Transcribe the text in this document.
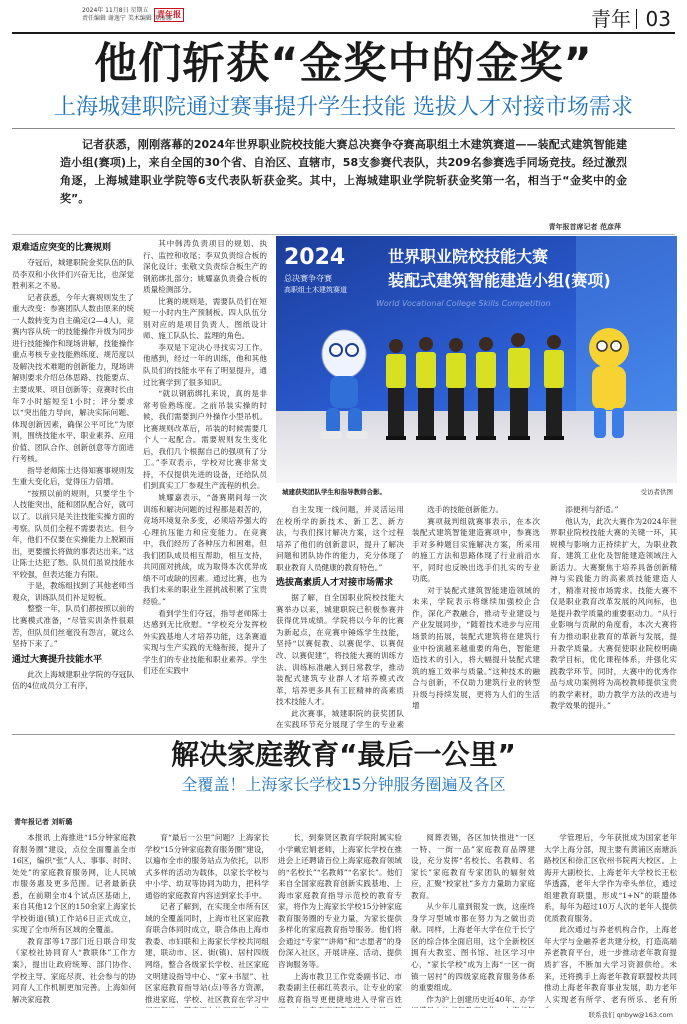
2024年 11月8日 星期五
责任编辑 谢逸宁 美术编辑 谭丽娜
青年报	青年 03
他们斩获“金奖中的金奖”
上海城建职院通过赛事提升学生技能 选拔人才对接市场需求
记者获悉，刚刚落幕的2024年世界职业院校技能大赛总决赛争夺赛高职组土木建筑赛道——装配式建筑智能建造小组(赛项)上，来自全国的30个省、自治区、直辖市，58支参赛代表队，共209名参赛选手同场竞技。经过激烈角逐，上海城建职业学院等6支代表队斩获金奖。其中，上海城建职业学院斩获金奖第一名，相当于“金奖中的金奖”。
青年报首席记者 范彦萍
艰难适应突变的比赛规则

夺冠后，城建职院金奖队伍的队员李双和小伙伴们兴奋无比，也深觉胜利来之不易。

记者获悉，今年大赛规则发生了重大改变：参赛团队人数由原来的统一人数转变为自主确定(2—4人)，竞赛内容从统一的技能操作升级为同步进行技能操作和现场讲解，技能操作重点考核专业技能熟练度、规范度以及解决技术难题的创新能力，现场讲解则要求介绍总体思路、技能要点、主要成果、项目创新等；竞赛时长由年7小时缩短至1小时；评分要求以“突出能力导向，解决实际问题、体现创新因素，确保公平可比”为原则，围绕技能水平、职业素养、应用价值、团队合作、创新创意等方面进行考核。

指导老师陈士达得知赛事规则发生重大变化后，觉得压力倍增。

“按照以前的规则，只要学生个人技能突出，能和团队配合好，就可以了。以前只是关注技能实操方面的考察。队员们全程不需要表达。但今年，他们不仅要在实操能力上脱颖而出，更要擅长将做的事表达出来。”这让陈士达犯了愁。队员们虽说技能水平较强，但表达能力有限。

于是，教练组找到了其他老师当观众，训练队员们补足短板。

整整一年，队员们都按照以前的比赛模式准备，“尽管实训条件很艰苦，但队员们丝毫没有怨言，就这么坚持下来了。”

通过大赛提升技能水平

此次上海城建职业学院的夺冠队伍的4位成员分工有序，

其中韩涛负责项目的规划、执行、监控和收尾；李双负责综合板的深化设计；张敬文负责综合板生产的钢筋绑扎部分；姚耀嘉负责叠合板的质量检测部分。

比赛的规则是，需要队员们在短短一小时内生产预制板。四人队伍分别对应的是项目负责人、图纸设计师、施工队队长、监理的角色。

李双是下定决心寻找实习工作。他感到，经过一年的训练，他和其他队员们的技能水平有了明显提升，通过比赛学到了很多知识。

“就以钢筋绑扎来说，真的是非常考验熟练度。之前吊装实操的时候，我们需要到户外操作小型吊机。比赛规则改革后，吊装的时候需要几个人一起配合。需要规则发生变化后，我们几个根据自己的强项有了分工。”李双表示，学校对比赛非常支持，不仅提供先进的设备，还给队员们到真实工厂参观生产流程的机会。

姚耀嘉表示，“备赛期间每一次训练和解决问题的过程都是艰苦的，竞场环境复杂多变，必须培养强大的心理抗压能力和应变能力。在竞赛中，我们经历了各种压力和困难，但我们团队成员相互帮助，相互支持，共同面对挑战，成为取得本次优异成绩不可或缺的因素。通过比赛，也为我们未来的职业生涯挑战积累了宝贵经验。”

看到学生们夺冠，指导老师陈士达感到无比欣慰。“学校充分发挥校外实践基地人才培养功能，这条赛道实现与生产实践的无缝衔接，提升了学生们的专业技能和职业素养。学生们还在实践中

2024
总决赛争夺赛
高职组土木建筑赛道
世界职业院校技能大赛
装配式建筑智能建造小组(赛项)
World Vocational College Skills Competition
城建获奖团队学生和指导教师合影。	受访者供图

自主发现一线问题，并灵活运用在校所学的新技术、新工艺、新方法，与我们探讨解决方案，这个过程培养了他们的创新意识，提升了解决问题和团队协作的能力，充分体现了职业教育人员健康的教育特色。”

选拔高素质人才对接市场需求

据了解，自全国职业院校技能大赛举办以来，城建职院已积极参赛并获得优异成绩。学院将以今年的比赛为新起点，在竞赛中锤炼学生技能，坚持“以赛促教、以赛促学、以赛促改、以赛促建”，将技能大赛的训练方法、训练标准融入到日常教学，推动装配式建筑专业群人才培养模式改革，培养更多具有工匠精神的高素质技术技能人才。

此次赛事，城建职院的获奖团队在实践环节充分展现了学生的专业素

选手的技能创新能力。

赛项裁判组就赛事表示，在本次装配式建筑智能建造赛项中，参赛选手对多种题目实施解决方案，所采用的施工方法和思路体现了行业前沿水平，同时也反映出选手们扎实的专业功底。

对于装配式建筑智能建造领域的未来，学院表示将继续加强校企合作，深化产教融合，推动专业建设与产业发展同步，“随着技术进步与应用场景的拓展，装配式建筑将在建筑行业中扮演越来越重要的角色，智能建造技术的引入，将大幅提升装配式建筑的施工效率与质量。”这种技术的融合与创新，不仅助力建筑行业的转型升级与持续发展，更将为人们的生活增

添便利与舒适。”

他认为，此次大赛作为2024年世界职业院校技能大赛的关键一环，其规模与影响力正持续扩大，为职业教育、建筑工业化及智能建造领域注入新活力。大赛聚焦于培养具备创新精神与实践能力的高素质技能建造人才，精准对接市场需求。技能大赛不仅是职业教育改革发展的风向标，也是提升教学质量的重要驱动力。“从行业影响与贡献的角度看，本次大赛将有力推动职业教育的革新与发展，提升教学质量。大赛促使职业院校明确教学目标，优化课程体系，并强化实践教学环节。同时，大赛中的优秀作品与成功案例将为高校教师提供宝贵的教学素材，助力教学方法的改进与教学效果的提升。”

解决家庭教育“最后一公里”
全覆盖！上海家长学校15分钟服务圈遍及各区
青年报记者 刘昕璐

本报讯 上海推进“15分钟家庭教育服务圈”建设，点位全面覆盖全市16区，编织“张”人人、事事、时时、处处”的家庭教育服务网，让人民城市服务惠及更多范围。记者最新获悉，在前期全市4个试点区基础上，来自其他12个区的150余家上海家长学校街道(镇)工作站6日正式成立，实现了全市所有区域的全覆盖。

教育部等17部门近日联合印发《家校社协同育人“教联体”工作方案》，提出让政府统筹、部门协作、学校主导、家庭尽责、社会参与的协同育人工作机制更加完善。上海如何解决家庭教

育“最后一公里”问题？上海家长学校“15分钟家庭教育服务圈”建设，以遍布全市的服务站点为依托，以形式多样的活动为载体，以家长学校与中小学、幼双等协同为助力，把科学通俗的家庭教育内容送到家长手中。

记者了解到，在实现全市所有区域的全覆盖同时，上海市社区家庭教育联合体同时成立，联合体由上海市教委、市妇联和上海家长学校共同组建，联动市、区、街(镇)、居村四级网络，整合各级家长学校、社区家庭文明建设指导中心、“家+书屋”、社区家庭教育指导站(点)等各方资源，推进家庭、学校、社区教育在学习中

长，到秦贤区教育学院附属实验小学戴宏娟老师，上海家长学校在推进会上还聘请百位上海家庭教育领域的“名校长”“名教师”“名家长”。他们来自全国家庭教育创新实践基地、上海市家庭教育指导示范校的教育专家，将作为上海家长学校15分钟家庭教育服务圈的专业力量，为家长提供多样化的家庭教育指导服务。他们将会通过“专家”“讲师”和“志愿者”的身份深入社区，开展讲座、活动、提供咨询服务等。

上海市教卫工作党委副书记、市教委副主任郝红英表示，让专业的家庭教育指导更便捷地进入寻常百姓

阅葬表锡，各区加快推进“一区一特、一街一品”家庭教育品牌建设，充分发挥“名校长、名教师、名家长”家庭教育专家团队的辐射效应，汇聚“校家社”多方力量助力家庭教育。

从少年儿童到银发一族，这座终身学习型城市都在努力为之做出贡献。同样，上海老年大学在位于长宁区的综合体全面启用，这个全新校区拥有大教室、图书馆、社区学习中心，“家长学校”成为上海“一区一街镇一居村”的四级家庭教育服务体系的重要组成。

作为沪上创建历史近40年、办学

学管理后，今年获批成为国家老年大学上海分部，现主要有黄浦区南塘浜路校区和徐汇区钦州书院两大校区。上海开大副校长、上海老年大学校长王松华透露，老年大学作为牵头单位，通过组建教育联盟，形成“1+N”的联盟体系，每年为超过10万人次的老年人提供优质教育服务。

此次通过与养老机构合作，上海老年大学与金融养老共建分校，打造高端养老教育平台，进一步推动老年教育提质扩容，不断加大学习资源供给。未来，还将携手上海老年教育联盟校共同推动上海老年教育事业发展，助力老年人实现老有所学、老有所乐、老有所

联系我们 qnbyw@163.com
